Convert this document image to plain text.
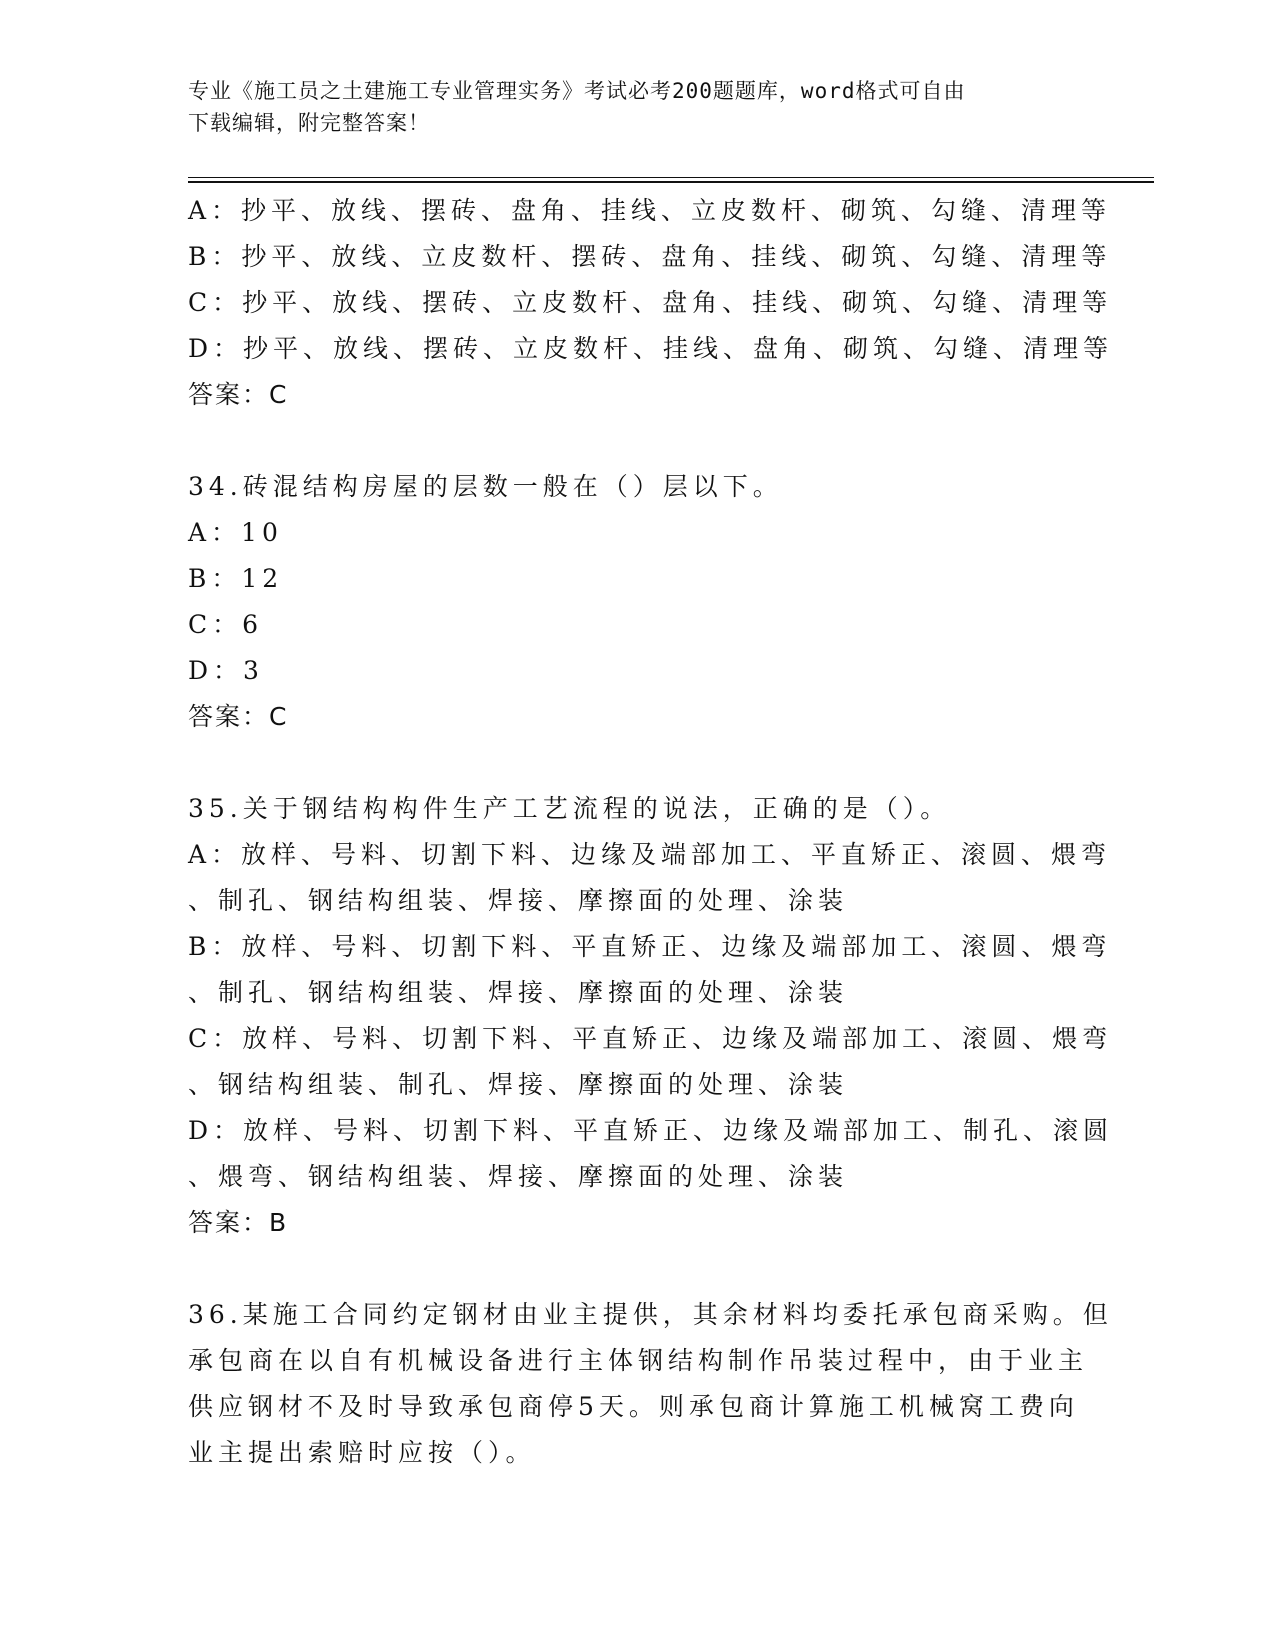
专业《施工员之土建施工专业管理实务》考试必考200题题库，word格式可自由
下载编辑，附完整答案！
A：抄平、放线、摆砖、盘角、挂线、立皮数杆、砌筑、勾缝、清理等
B：抄平、放线、立皮数杆、摆砖、盘角、挂线、砌筑、勾缝、清理等
C：抄平、放线、摆砖、立皮数杆、盘角、挂线、砌筑、勾缝、清理等
D：抄平、放线、摆砖、立皮数杆、挂线、盘角、砌筑、勾缝、清理等
答案：C
34.砖混结构房屋的层数一般在（）层以下。
A：10
B：12
C：6
D：3
答案：C
35.关于钢结构构件生产工艺流程的说法，正确的是（）。
A：放样、号料、切割下料、边缘及端部加工、平直矫正、滚圆、煨弯
、制孔、钢结构组装、焊接、摩擦面的处理、涂装
B：放样、号料、切割下料、平直矫正、边缘及端部加工、滚圆、煨弯
、制孔、钢结构组装、焊接、摩擦面的处理、涂装
C：放样、号料、切割下料、平直矫正、边缘及端部加工、滚圆、煨弯
、钢结构组装、制孔、焊接、摩擦面的处理、涂装
D：放样、号料、切割下料、平直矫正、边缘及端部加工、制孔、滚圆
、煨弯、钢结构组装、焊接、摩擦面的处理、涂装
答案：B
36.某施工合同约定钢材由业主提供，其余材料均委托承包商采购。但
承包商在以自有机械设备进行主体钢结构制作吊装过程中，由于业主
供应钢材不及时导致承包商停5天。则承包商计算施工机械窝工费向
业主提出索赔时应按（）。
